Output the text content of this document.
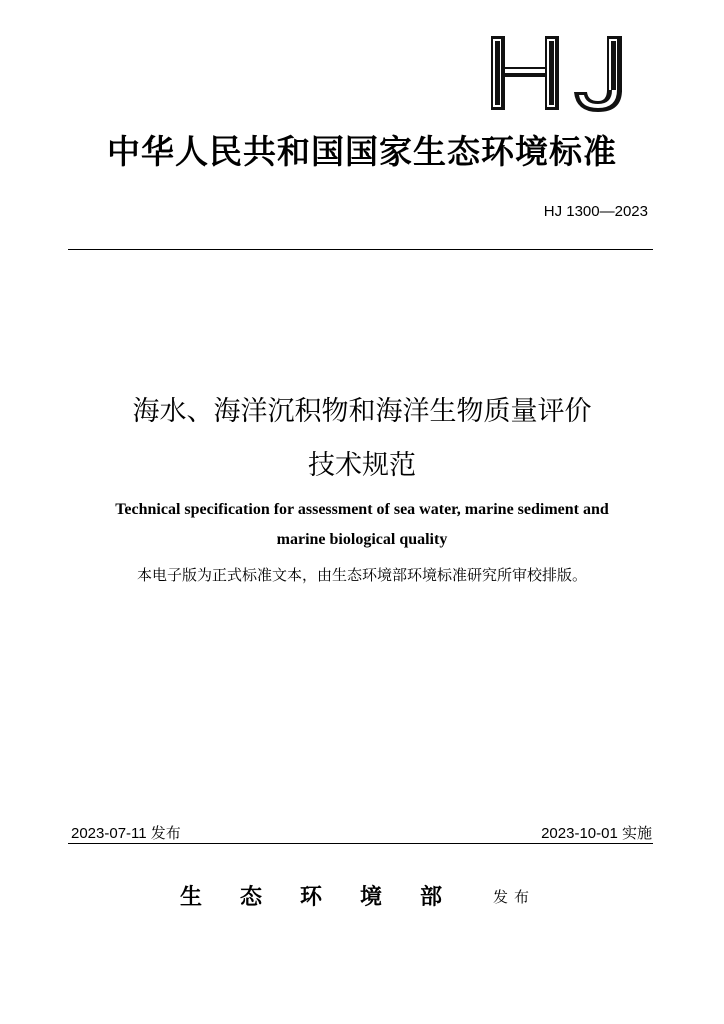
中华人民共和国国家生态环境标准
HJ 1300—2023
海水、海洋沉积物和海洋生物质量评价
技术规范
Technical specification for assessment of sea water, marine sediment and
marine biological quality
本电子版为正式标准文本，由生态环境部环境标准研究所审校排版。
2023-07-11 发布	2023-10-01 实施
生态环境部 发布
